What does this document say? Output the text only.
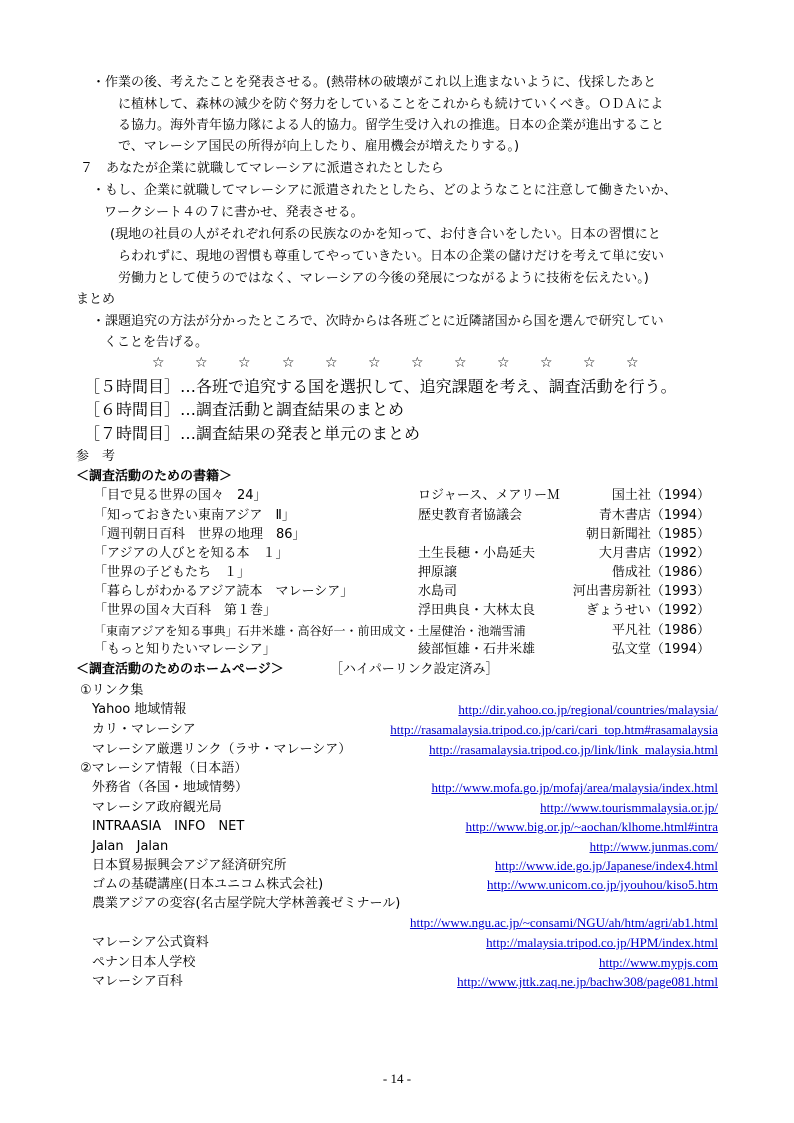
・作業の後、考えたことを発表させる。(熱帯林の破壊がこれ以上進まないように、伐採したあと
に植林して、森林の減少を防ぐ努力をしていることをこれからも続けていくべき。ＯＤＡによ
る協力。海外青年協力隊による人的協力。留学生受け入れの推進。日本の企業が進出すること
で、マレーシア国民の所得が向上したり、雇用機会が増えたりする。)
７　あなたが企業に就職してマレーシアに派遣されたとしたら
・もし、企業に就職してマレーシアに派遣されたとしたら、どのようなことに注意して働きたいか、
ワークシート４の７に書かせ、発表させる。
(現地の社員の人がそれぞれ何系の民族なのかを知って、お付き合いをしたい。日本の習慣にと
らわれずに、現地の習慣も尊重してやっていきたい。日本の企業の儲けだけを考えて単に安い
労働力として使うのではなく、マレーシアの今後の発展につながるように技術を伝えたい。)
まとめ
・課題追究の方法が分かったところで、次時からは各班ごとに近隣諸国から国を選んで研究してい
くことを告げる。
☆ ☆ ☆ ☆ ☆ ☆ ☆ ☆ ☆ ☆ ☆ ☆
［５時間目］…各班で追究する国を選択して、追究課題を考え、調査活動を行う。
［６時間目］…調査活動と調査結果のまとめ
［７時間目］…調査結果の発表と単元のまとめ
参　考
＜調査活動のための書籍＞
「目で見る世界の国々　24」	ロジャース、メアリーＭ	国土社（1994）
「知っておきたい東南アジア　Ⅱ」	歴史教育者協議会	青木書店（1994）
「週刊朝日百科　世界の地理　86」	朝日新聞社（1985）
「アジアの人びとを知る本　１」	土生長穂・小島延夫	大月書店（1992）
「世界の子どもたち　１」	押原譲	偕成社（1986）
「暮らしがわかるアジア読本　マレーシア」	水島司	河出書房新社（1993）
「世界の国々大百科　第１巻」	浮田典良・大林太良	ぎょうせい（1992）
「東南アジアを知る事典」石井米雄・高谷好一・前田成文・土屋健治・池端雪浦	平凡社（1986）
「もっと知りたいマレーシア」	綾部恒雄・石井米雄	弘文堂（1994）
＜調査活動のためのホームページ＞	［ハイパーリンク設定済み］
①リンク集
Yahoo 地域情報	http://dir.yahoo.co.jp/regional/countries/malaysia/
カリ・マレーシア	http://rasamalaysia.tripod.co.jp/cari/cari_top.htm#rasamalaysia
マレーシア厳選リンク（ラサ・マレーシア）	http://rasamalaysia.tripod.co.jp/link/link_malaysia.html
②マレーシア情報（日本語）
外務省（各国・地域情勢）	http://www.mofa.go.jp/mofaj/area/malaysia/index.html
マレーシア政府観光局	http://www.tourismmalaysia.or.jp/
INTRAASIA　INFO　NET	http://www.big.or.jp/~aochan/klhome.html#intra
Jalan　Jalan	http://www.junmas.com/
日本貿易振興会アジア経済研究所	http://www.ide.go.jp/Japanese/index4.html
ゴムの基礎講座(日本ユニコム株式会社)	http://www.unicom.co.jp/jyouhou/kiso5.htm
農業アジアの変容(名古屋学院大学林善義ゼミナール)
http://www.ngu.ac.jp/~consami/NGU/ah/htm/agri/ab1.html
マレーシア公式資料	http://malaysia.tripod.co.jp/HPM/index.html
ペナン日本人学校	http://www.mypjs.com
マレーシア百科	http://www.jttk.zaq.ne.jp/bachw308/page081.html
- 14 -
